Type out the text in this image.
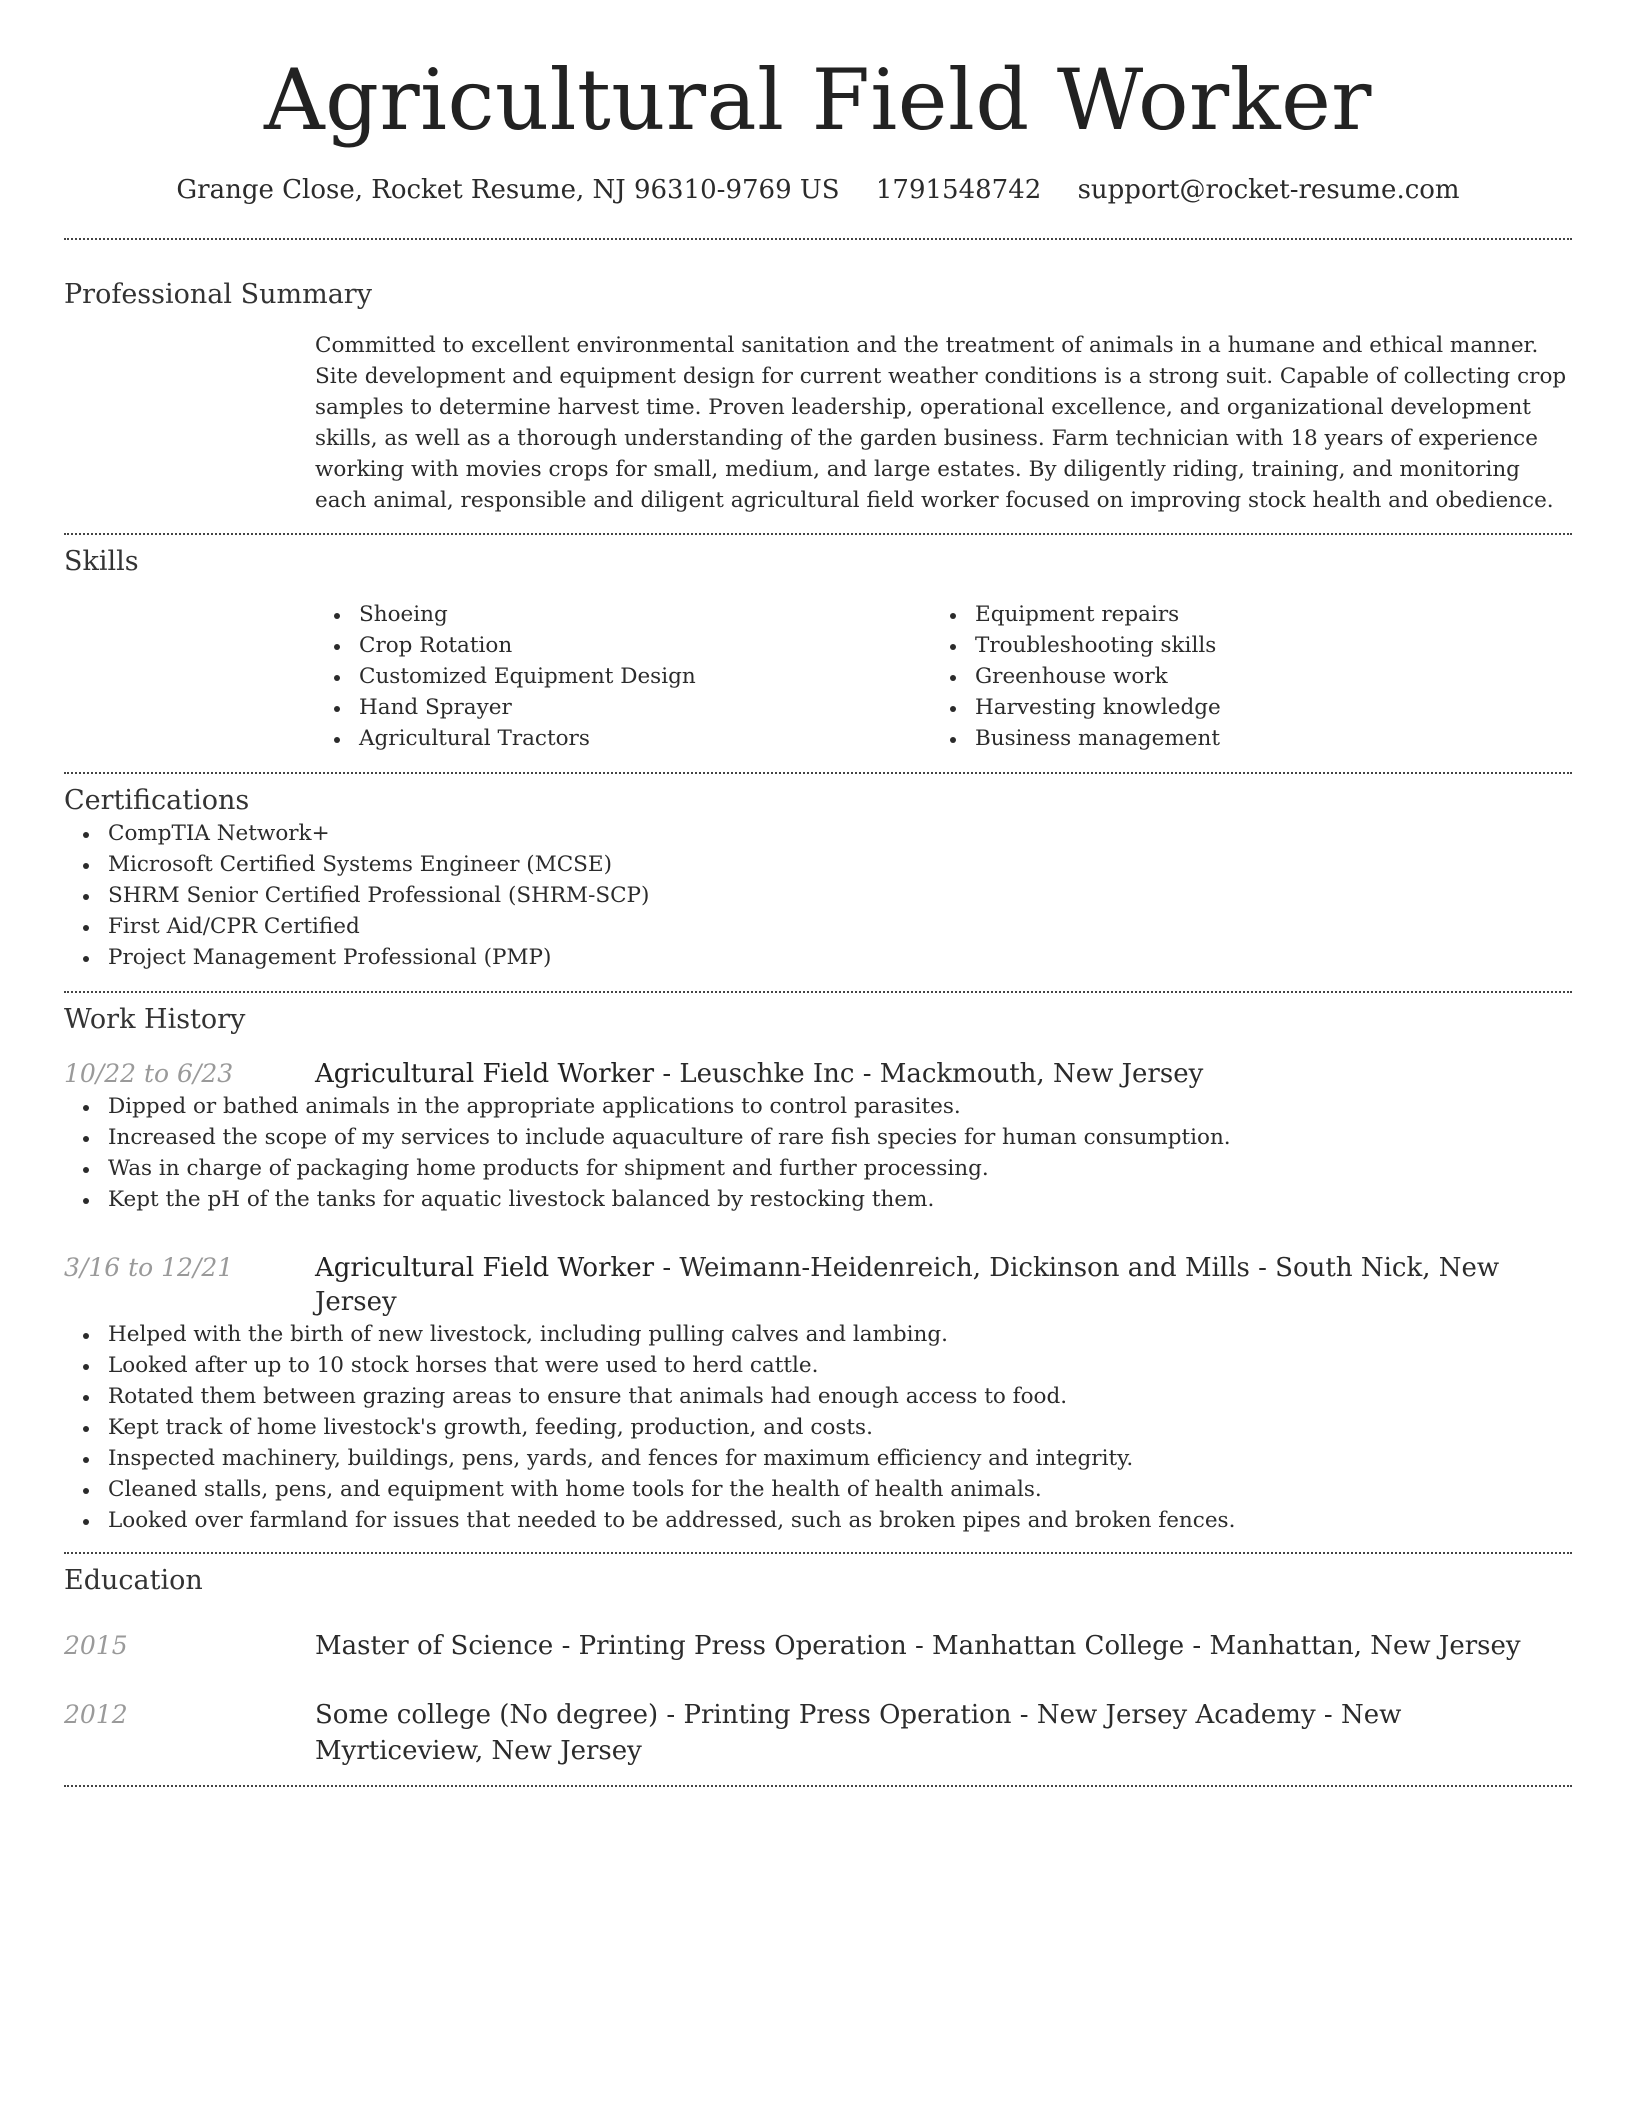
Agricultural Field Worker
Grange Close, Rocket Resume, NJ 96310-9769 US 1791548742 support@rocket-resume.com
Professional Summary
Committed to excellent environmental sanitation and the treatment of animals in a humane and ethical manner. Site development and equipment design for current weather conditions is a strong suit. Capable of collecting crop samples to determine harvest time. Proven leadership, operational excellence, and organizational development skills, as well as a thorough understanding of the garden business. Farm technician with 18 years of experience working with movies crops for small, medium, and large estates. By diligently riding, training, and monitoring each animal, responsible and diligent agricultural field worker focused on improving stock health and obedience.
Skills
Shoeing
Crop Rotation
Customized Equipment Design
Hand Sprayer
Agricultural Tractors
Equipment repairs
Troubleshooting skills
Greenhouse work
Harvesting knowledge
Business management
Certifications
CompTIA Network+
Microsoft Certified Systems Engineer (MCSE)
SHRM Senior Certified Professional (SHRM-SCP)
First Aid/CPR Certified
Project Management Professional (PMP)
Work History
10/22 to 6/23	Agricultural Field Worker - Leuschke Inc - Mackmouth, New Jersey
Dipped or bathed animals in the appropriate applications to control parasites.
Increased the scope of my services to include aquaculture of rare fish species for human consumption.
Was in charge of packaging home products for shipment and further processing.
Kept the pH of the tanks for aquatic livestock balanced by restocking them.
3/16 to 12/21	Agricultural Field Worker - Weimann-Heidenreich, Dickinson and Mills - South Nick, New Jersey
Helped with the birth of new livestock, including pulling calves and lambing.
Looked after up to 10 stock horses that were used to herd cattle.
Rotated them between grazing areas to ensure that animals had enough access to food.
Kept track of home livestock's growth, feeding, production, and costs.
Inspected machinery, buildings, pens, yards, and fences for maximum efficiency and integrity.
Cleaned stalls, pens, and equipment with home tools for the health of health animals.
Looked over farmland for issues that needed to be addressed, such as broken pipes and broken fences.
Education
2015	Master of Science - Printing Press Operation - Manhattan College - Manhattan, New Jersey
2012	Some college (No degree) - Printing Press Operation - New Jersey Academy - New Myrticeview, New Jersey
